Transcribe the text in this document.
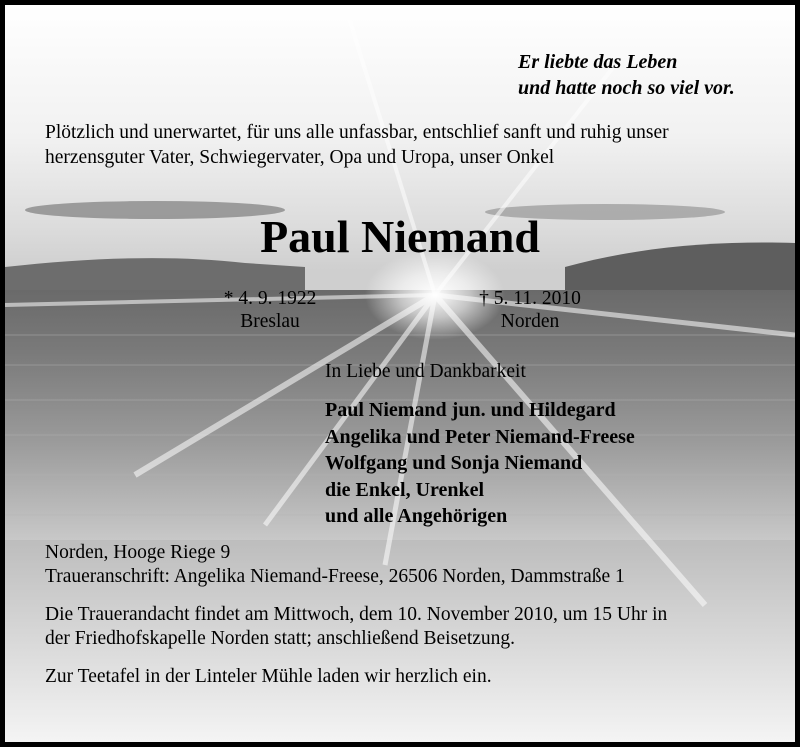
Er liebte das Leben
und hatte noch so viel vor.
Plötzlich und unerwartet, für uns alle unfassbar, entschlief sanft und ruhig unser
herzensguter Vater, Schwiegervater, Opa und Uropa, unser Onkel
Paul Niemand
* 4. 9. 1922
Breslau
† 5. 11. 2010
Norden
In Liebe und Dankbarkeit
Paul Niemand jun. und Hildegard
Angelika und Peter Niemand-Freese
Wolfgang und Sonja Niemand
die Enkel, Urenkel
und alle Angehörigen
Norden, Hooge Riege 9
Traueranschrift: Angelika Niemand-Freese, 26506 Norden, Dammstraße 1
Die Trauerandacht findet am Mittwoch, dem 10. November 2010, um 15 Uhr in
der Friedhofskapelle Norden statt; anschließend Beisetzung.
Zur Teetafel in der Linteler Mühle laden wir herzlich ein.
